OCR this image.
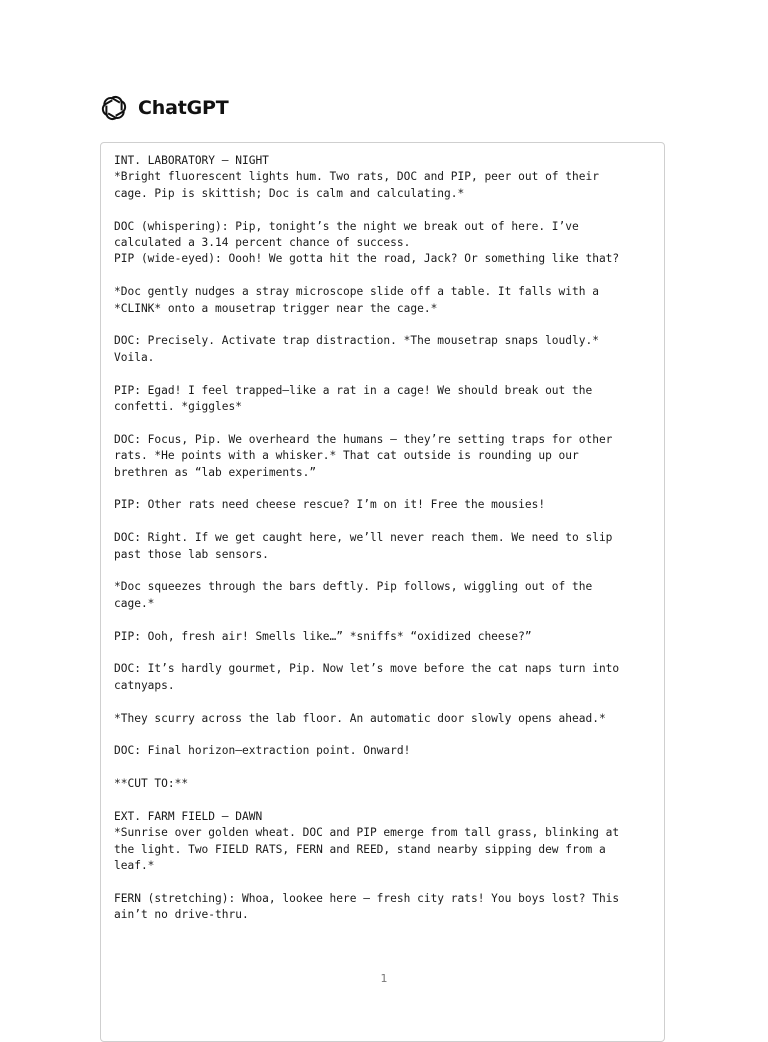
ChatGPT

INT. LABORATORY – NIGHT
*Bright fluorescent lights hum. Two rats, DOC and PIP, peer out of their
cage. Pip is skittish; Doc is calm and calculating.*

DOC (whispering): Pip, tonight’s the night we break out of here. I’ve
calculated a 3.14 percent chance of success.
PIP (wide-eyed): Oooh! We gotta hit the road, Jack? Or something like that?

*Doc gently nudges a stray microscope slide off a table. It falls with a
*CLINK* onto a mousetrap trigger near the cage.*

DOC: Precisely. Activate trap distraction. *The mousetrap snaps loudly.*
Voila.

PIP: Egad! I feel trapped—like a rat in a cage! We should break out the
confetti. *giggles*

DOC: Focus, Pip. We overheard the humans – they’re setting traps for other
rats. *He points with a whisker.* That cat outside is rounding up our
brethren as “lab experiments.”

PIP: Other rats need cheese rescue? I’m on it! Free the mousies!

DOC: Right. If we get caught here, we’ll never reach them. We need to slip
past those lab sensors.

*Doc squeezes through the bars deftly. Pip follows, wiggling out of the
cage.*

PIP: Ooh, fresh air! Smells like…” *sniffs* “oxidized cheese?”

DOC: It’s hardly gourmet, Pip. Now let’s move before the cat naps turn into
catnyaps.

*They scurry across the lab floor. An automatic door slowly opens ahead.*

DOC: Final horizon—extraction point. Onward!

**CUT TO:**

EXT. FARM FIELD – DAWN
*Sunrise over golden wheat. DOC and PIP emerge from tall grass, blinking at
the light. Two FIELD RATS, FERN and REED, stand nearby sipping dew from a
leaf.*

FERN (stretching): Whoa, lookee here – fresh city rats! You boys lost? This
ain’t no drive-thru.

1
